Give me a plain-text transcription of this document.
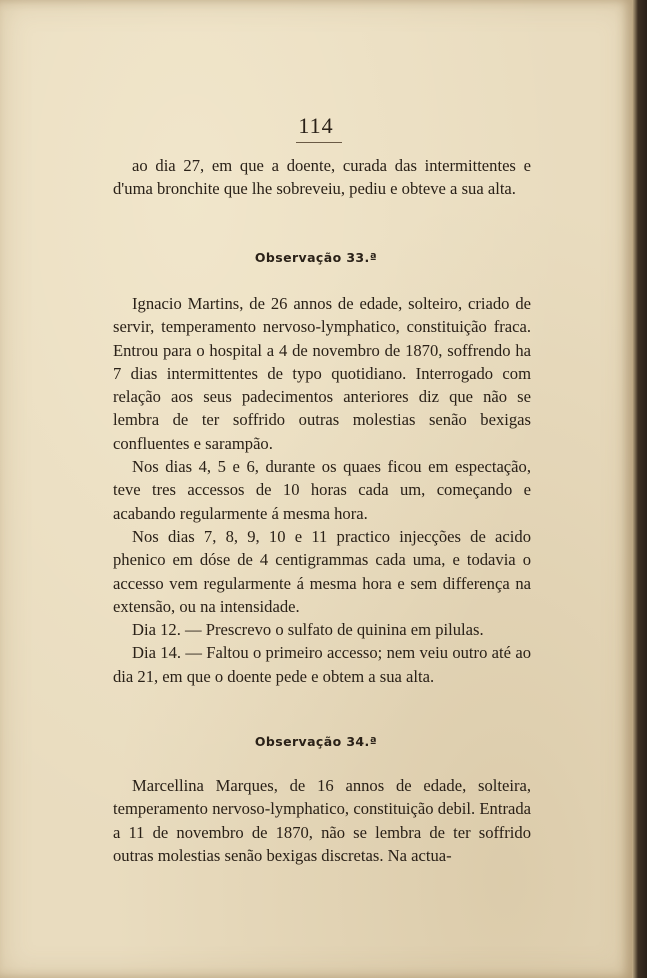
114

ao dia 27, em que a doente, curada das intermittentes e d'uma bronchite que lhe sobreveiu, pediu e obteve a sua alta.

Observação 33.ª

Ignacio Martins, de 26 annos de edade, solteiro, criado de servir, temperamento nervoso-lymphatico, constituição fraca. Entrou para o hospital a 4 de novembro de 1870, soffrendo ha 7 dias intermittentes de typo quotidiano. Interrogado com relação aos seus padecimentos anteriores diz que não se lembra de ter soffrido outras molestias senão bexigas confluentes e sarampão.

Nos dias 4, 5 e 6, durante os quaes ficou em espectação, teve tres accessos de 10 horas cada um, começando e acabando regularmente á mesma hora.

Nos dias 7, 8, 9, 10 e 11 practico injecções de acido phenico em dóse de 4 centigrammas cada uma, e todavia o accesso vem regularmente á mesma hora e sem differença na extensão, ou na intensidade.

Dia 12. — Prescrevo o sulfato de quinina em pilulas.

Dia 14. — Faltou o primeiro accesso; nem veiu outro até ao dia 21, em que o doente pede e obtem a sua alta.

Observação 34.ª

Marcellina Marques, de 16 annos de edade, solteira, temperamento nervoso-lymphatico, constituição debil. Entrada a 11 de novembro de 1870, não se lembra de ter soffrido outras molestias senão bexigas discretas. Na actua-
